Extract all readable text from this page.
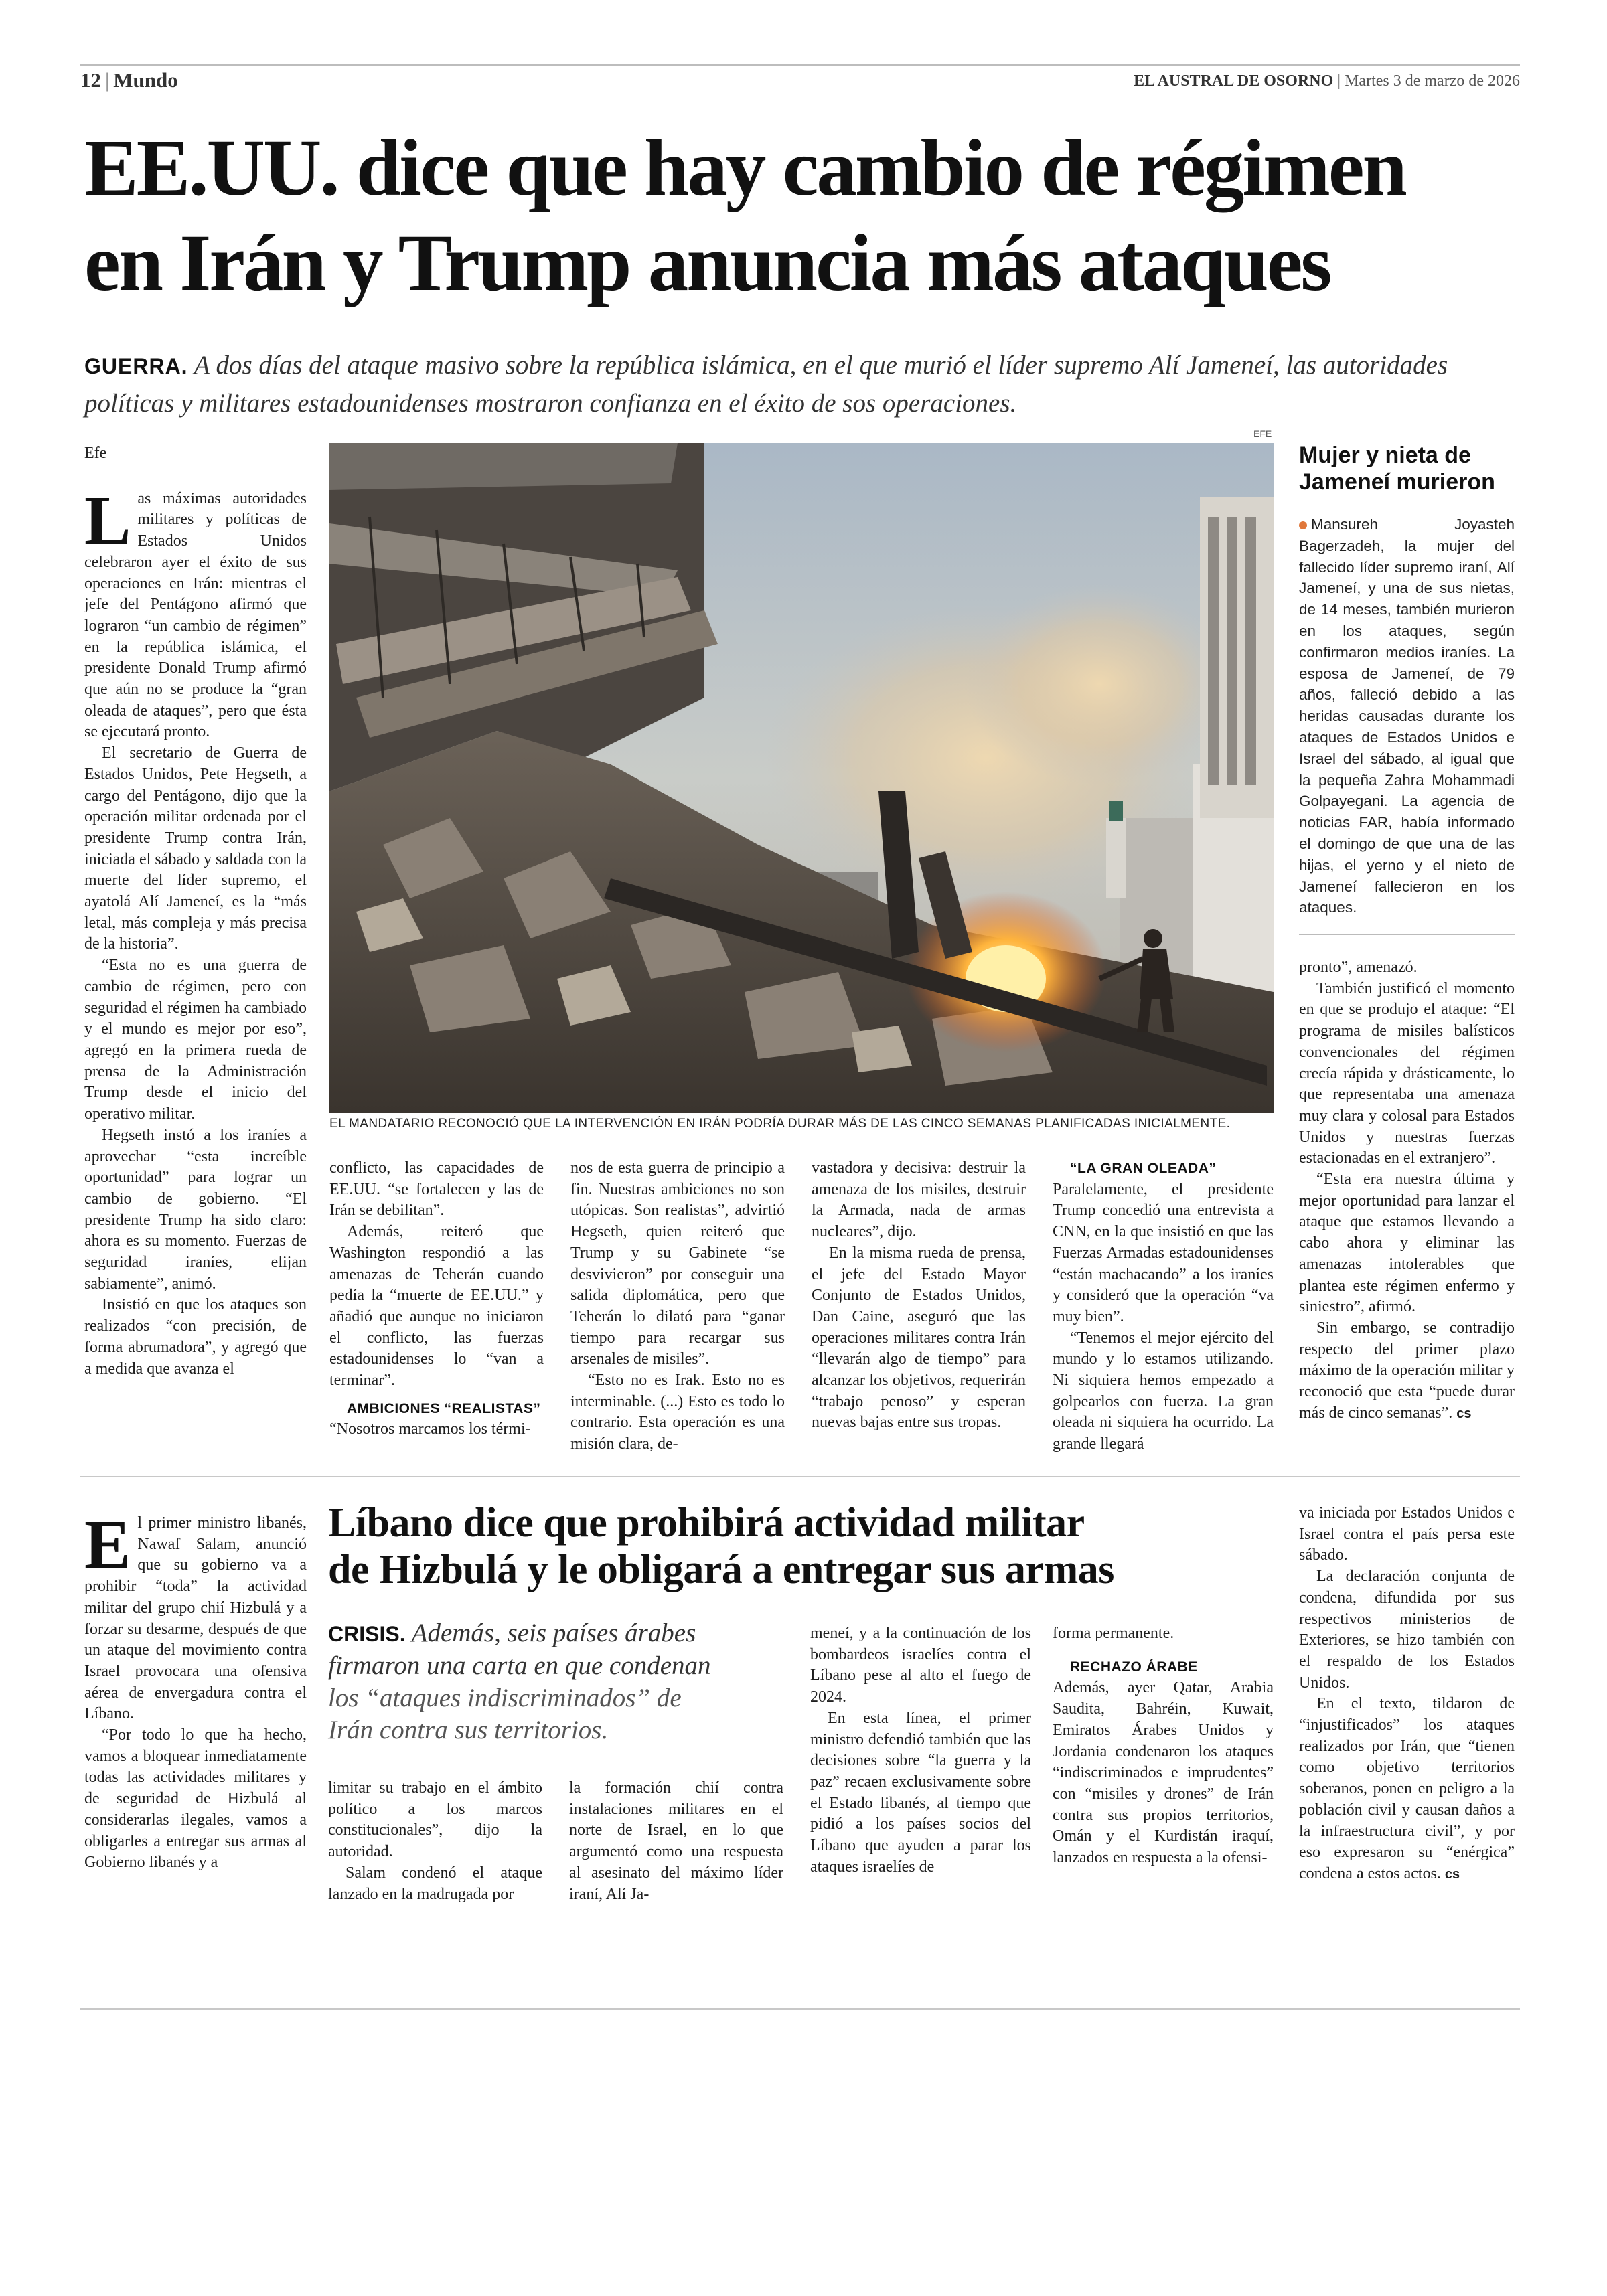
12 | Mundo	EL AUSTRAL DE OSORNO | Martes 3 de marzo de 2026
EE.UU. dice que hay cambio de régimen
en Irán y Trump anuncia más ataques
GUERRA. A dos días del ataque masivo sobre la república islámica, en el que murió el líder supremo Alí Jameneí, las autoridades políticas y militares estadounidenses mostraron confianza en el éxito de sos operaciones.

Efe

Las máximas autoridades militares y políticas de Estados Unidos celebraron ayer el éxito de sus operaciones en Irán: mientras el jefe del Pentágono afirmó que lograron “un cambio de régimen” en la república islámica, el presidente Donald Trump afirmó que aún no se produce la “gran oleada de ataques”, pero que ésta se ejecutará pronto.

El secretario de Guerra de Estados Unidos, Pete Hegseth, a cargo del Pentágono, dijo que la operación militar ordenada por el presidente Trump contra Irán, iniciada el sábado y saldada con la muerte del líder supremo, el ayatolá Alí Jameneí, es la “más letal, más compleja y más precisa de la historia”.

“Esta no es una guerra de cambio de régimen, pero con seguridad el régimen ha cambiado y el mundo es mejor por eso”, agregó en la primera rueda de prensa de la Administración Trump desde el inicio del operativo militar.

Hegseth instó a los iraníes a aprovechar “esta increíble oportunidad” para lograr un cambio de gobierno. “El presidente Trump ha sido claro: ahora es su momento. Fuerzas de seguridad iraníes, elijan sabiamente”, animó.

Insistió en que los ataques son realizados “con precisión, de forma abrumadora”, y agregó que a medida que avanza el

EFE
EL MANDATARIO RECONOCIÓ QUE LA INTERVENCIÓN EN IRÁN PODRÍA DURAR MÁS DE LAS CINCO SEMANAS PLANIFICADAS INICIALMENTE.
Mujer y nieta de Jameneí murieron
Mansureh Joyasteh Bagerzadeh, la mujer del fallecido líder supremo iraní, Alí Jameneí, y una de sus nietas, de 14 meses, también murieron en los ataques, según confirmaron medios iraníes. La esposa de Jameneí, de 79 años, falleció debido a las heridas causadas durante los ataques de Estados Unidos e Israel del sábado, al igual que la pequeña Zahra Mohammadi Golpayegani. La agencia de noticias FAR, había informado el domingo de que una de las hijas, el yerno y el nieto de Jameneí fallecieron en los ataques.

conflicto, las capacidades de EE.UU. “se fortalecen y las de Irán se debilitan”.

Además, reiteró que Washington respondió a las amenazas de Teherán cuando pedía la “muerte de EE.UU.” y añadió que aunque no iniciaron el conflicto, las fuerzas estadounidenses lo “van a terminar”.

AMBICIONES “REALISTAS”

“Nosotros marcamos los térmi-

nos de esta guerra de principio a fin. Nuestras ambiciones no son utópicas. Son realistas”, advirtió Hegseth, quien reiteró que Trump y su Gabinete “se desvivieron” por conseguir una salida diplomática, pero que Teherán lo dilató para “ganar tiempo para recargar sus arsenales de misiles”.

“Esto no es Irak. Esto no es interminable. (...) Esto es todo lo contrario. Esta operación es una misión clara, de-

vastadora y decisiva: destruir la amenaza de los misiles, destruir la Armada, nada de armas nucleares”, dijo.

En la misma rueda de prensa, el jefe del Estado Mayor Conjunto de Estados Unidos, Dan Caine, aseguró que las operaciones militares contra Irán “llevarán algo de tiempo” para alcanzar los objetivos, requerirán “trabajo penoso” y esperan nuevas bajas entre sus tropas.

“LA GRAN OLEADA”

Paralelamente, el presidente Trump concedió una entrevista a CNN, en la que insistió en que las Fuerzas Armadas estadounidenses “están machacando” a los iraníes y consideró que la operación “va muy bien”.

“Tenemos el mejor ejército del mundo y lo estamos utilizando. Ni siquiera hemos empezado a golpearlos con fuerza. La gran oleada ni siquiera ha ocurrido. La grande llegará

pronto”, amenazó.

También justificó el momento en que se produjo el ataque: “El programa de misiles balísticos convencionales del régimen crecía rápida y drásticamente, lo que representaba una amenaza muy clara y colosal para Estados Unidos y nuestras fuerzas estacionadas en el extranjero”.

“Esta era nuestra última y mejor oportunidad para lanzar el ataque que estamos llevando a cabo ahora y eliminar las amenazas intolerables que plantea este régimen enfermo y siniestro”, afirmó.

Sin embargo, se contradijo respecto del primer plazo máximo de la operación militar y reconoció que esta “puede durar más de cinco semanas”. cs

El primer ministro libanés, Nawaf Salam, anunció que su gobierno va a prohibir “toda” la actividad militar del grupo chií Hizbulá y a forzar su desarme, después de que un ataque del movimiento contra Israel provocara una ofensiva aérea de envergadura contra el Líbano.

“Por todo lo que ha hecho, vamos a bloquear inmediatamente todas las actividades militares y de seguridad de Hizbulá al considerarlas ilegales, vamos a obligarles a entregar sus armas al Gobierno libanés y a

Líbano dice que prohibirá actividad militar
de Hizbulá y le obligará a entregar sus armas
CRISIS. Además, seis países árabes firmaron una carta en que condenan los “ataques indiscriminados” de Irán contra sus territorios.

limitar su trabajo en el ámbito político a los marcos constitucionales”, dijo la autoridad.

Salam condenó el ataque lanzado en la madrugada por

la formación chií contra instalaciones militares en el norte de Israel, en lo que argumentó como una respuesta al asesinato del máximo líder iraní, Alí Ja-

meneí, y a la continuación de los bombardeos israelíes contra el Líbano pese al alto el fuego de 2024.

En esta línea, el primer ministro defendió también que las decisiones sobre “la guerra y la paz” recaen exclusivamente sobre el Estado libanés, al tiempo que pidió a los países socios del Líbano que ayuden a parar los ataques israelíes de

forma permanente.

RECHAZO ÁRABE

Además, ayer Qatar, Arabia Saudita, Bahréin, Kuwait, Emiratos Árabes Unidos y Jordania condenaron los ataques “indiscriminados e imprudentes” con “misiles y drones” de Irán contra sus propios territorios, Omán y el Kurdistán iraquí, lanzados en respuesta a la ofensi-

va iniciada por Estados Unidos e Israel contra el país persa este sábado.

La declaración conjunta de condena, difundida por sus respectivos ministerios de Exteriores, se hizo también con el respaldo de los Estados Unidos.

En el texto, tildaron de “injustificados” los ataques realizados por Irán, que “tienen como objetivo territorios soberanos, ponen en peligro a la población civil y causan daños a la infraestructura civil”, y por eso expresaron su “enérgica” condena a estos actos. cs
